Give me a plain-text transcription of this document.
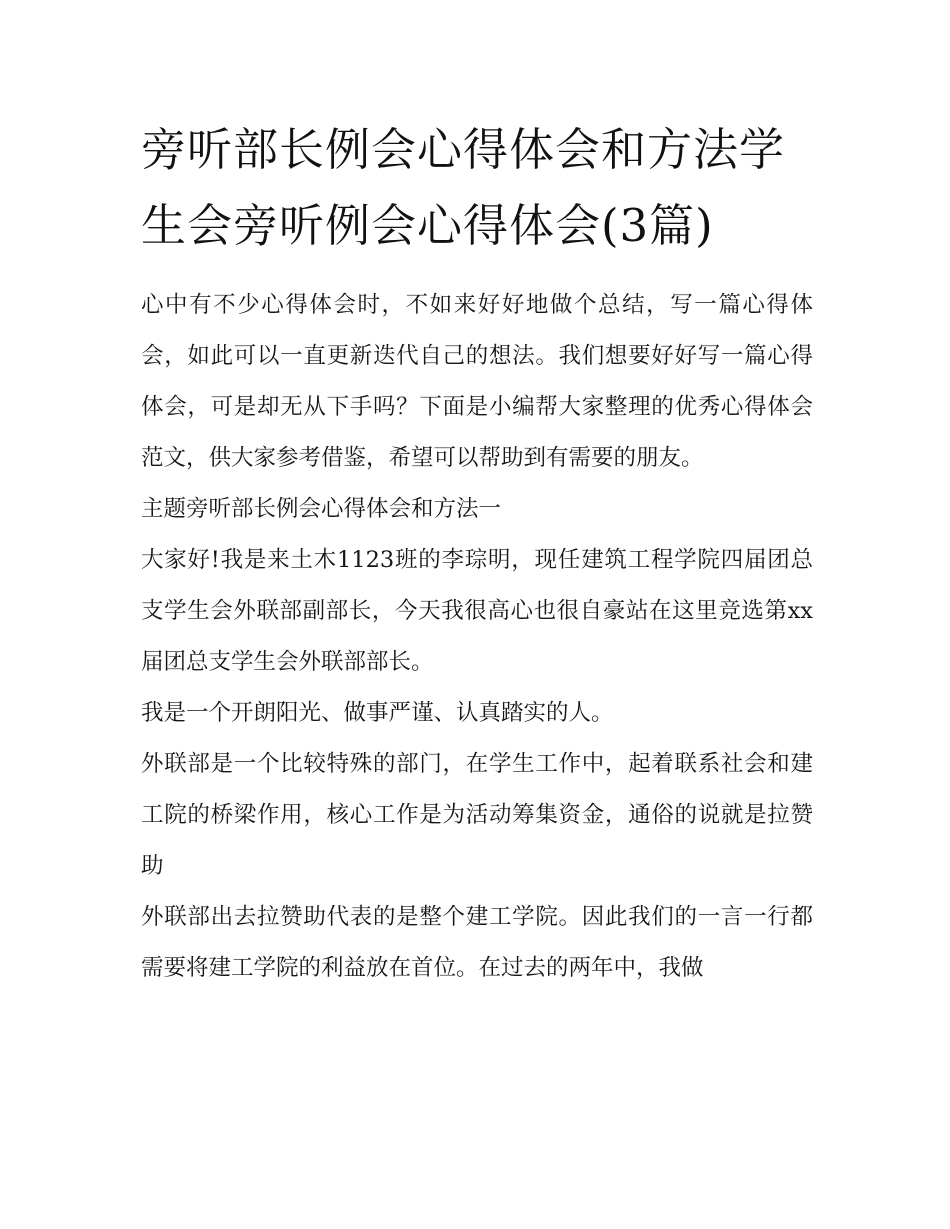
旁听部长例会心得体会和方法学生会旁听例会心得体会(3篇)

心中有不少心得体会时，不如来好好地做个总结，写一篇心得体会，如此可以一直更新迭代自己的想法。我们想要好好写一篇心得体会，可是却无从下手吗？下面是小编帮大家整理的优秀心得体会范文，供大家参考借鉴，希望可以帮助到有需要的朋友。

主题旁听部长例会心得体会和方法一

大家好!我是来土木1123班的李琮明，现任建筑工程学院四届团总支学生会外联部副部长，今天我很高心也很自豪站在这里竞选第xx届团总支学生会外联部部长。

我是一个开朗阳光、做事严谨、认真踏实的人。

外联部是一个比较特殊的部门，在学生工作中，起着联系社会和建工院的桥梁作用，核心工作是为活动筹集资金，通俗的说就是拉赞助

外联部出去拉赞助代表的是整个建工学院。因此我们的一言一行都需要将建工学院的利益放在首位。在过去的两年中，我做
